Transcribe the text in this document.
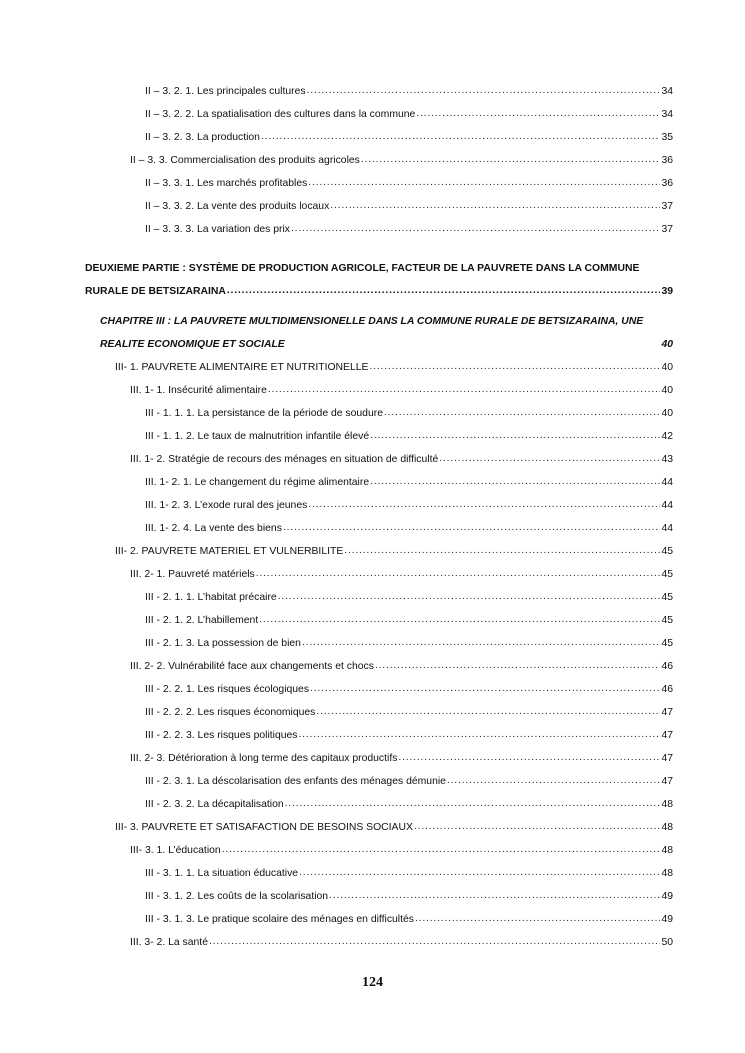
II – 3. 2. 1. Les principales cultures .....	34
II – 3. 2. 2. La spatialisation des cultures dans la commune .....	34
II – 3. 2. 3. La production .....	35
II – 3. 3. Commercialisation des produits agricoles .....	36
II – 3. 3. 1. Les marchés profitables .....	36
II – 3. 3. 2. La vente des produits locaux .....	37
II – 3. 3. 3. La variation des prix .....	37
DEUXIEME PARTIE : SYSTÈME DE PRODUCTION AGRICOLE, FACTEUR DE LA PAUVRETE DANS LA COMMUNE
RURALE DE BETSIZARAINA .....	39
CHAPITRE III : LA PAUVRETE MULTIDIMENSIONELLE DANS LA COMMUNE RURALE DE BETSIZARAINA, UNE
REALITE ECONOMIQUE ET SOCIALE	40
III- 1. PAUVRETE ALIMENTAIRE ET NUTRITIONELLE .....	40
III. 1- 1. Insécurité alimentaire .....	40
III - 1. 1. 1. La persistance de la période de soudure .....	40
III - 1. 1. 2. Le taux de malnutrition infantile élevé .....	42
III. 1- 2. Stratégie de recours des ménages en situation de difficulté .....	43
III. 1- 2. 1. Le changement du régime alimentaire .....	44
III. 1- 2. 3. L’exode rural des jeunes .....	44
III. 1- 2. 4. La vente des biens .....	44
III- 2. PAUVRETE MATERIEL ET VULNERBILITE .....	45
III. 2- 1. Pauvreté matériels .....	45
III - 2. 1. 1. L’habitat précaire .....	45
III - 2. 1. 2. L’habillement .....	45
III - 2. 1. 3. La possession de bien .....	45
III. 2- 2. Vulnérabilité face aux changements et chocs .....	46
III - 2. 2. 1. Les risques écologiques .....	46
III - 2. 2. 2. Les risques économiques .....	47
III - 2. 2. 3. Les risques politiques .....	47
III. 2- 3. Détérioration à long terme des capitaux productifs .....	47
III - 2. 3. 1. La déscolarisation des enfants des ménages démunie .....	47
III - 2. 3. 2. La décapitalisation .....	48
III- 3. PAUVRETE ET SATISAFACTION DE BESOINS SOCIAUX .....	48
III- 3. 1. L’éducation .....	48
III - 3. 1. 1. La situation éducative .....	48
III - 3. 1. 2. Les coûts de la scolarisation .....	49
III - 3. 1. 3. Le pratique scolaire des ménages en difficultés .....	49
III. 3- 2. La santé .....	50
124
